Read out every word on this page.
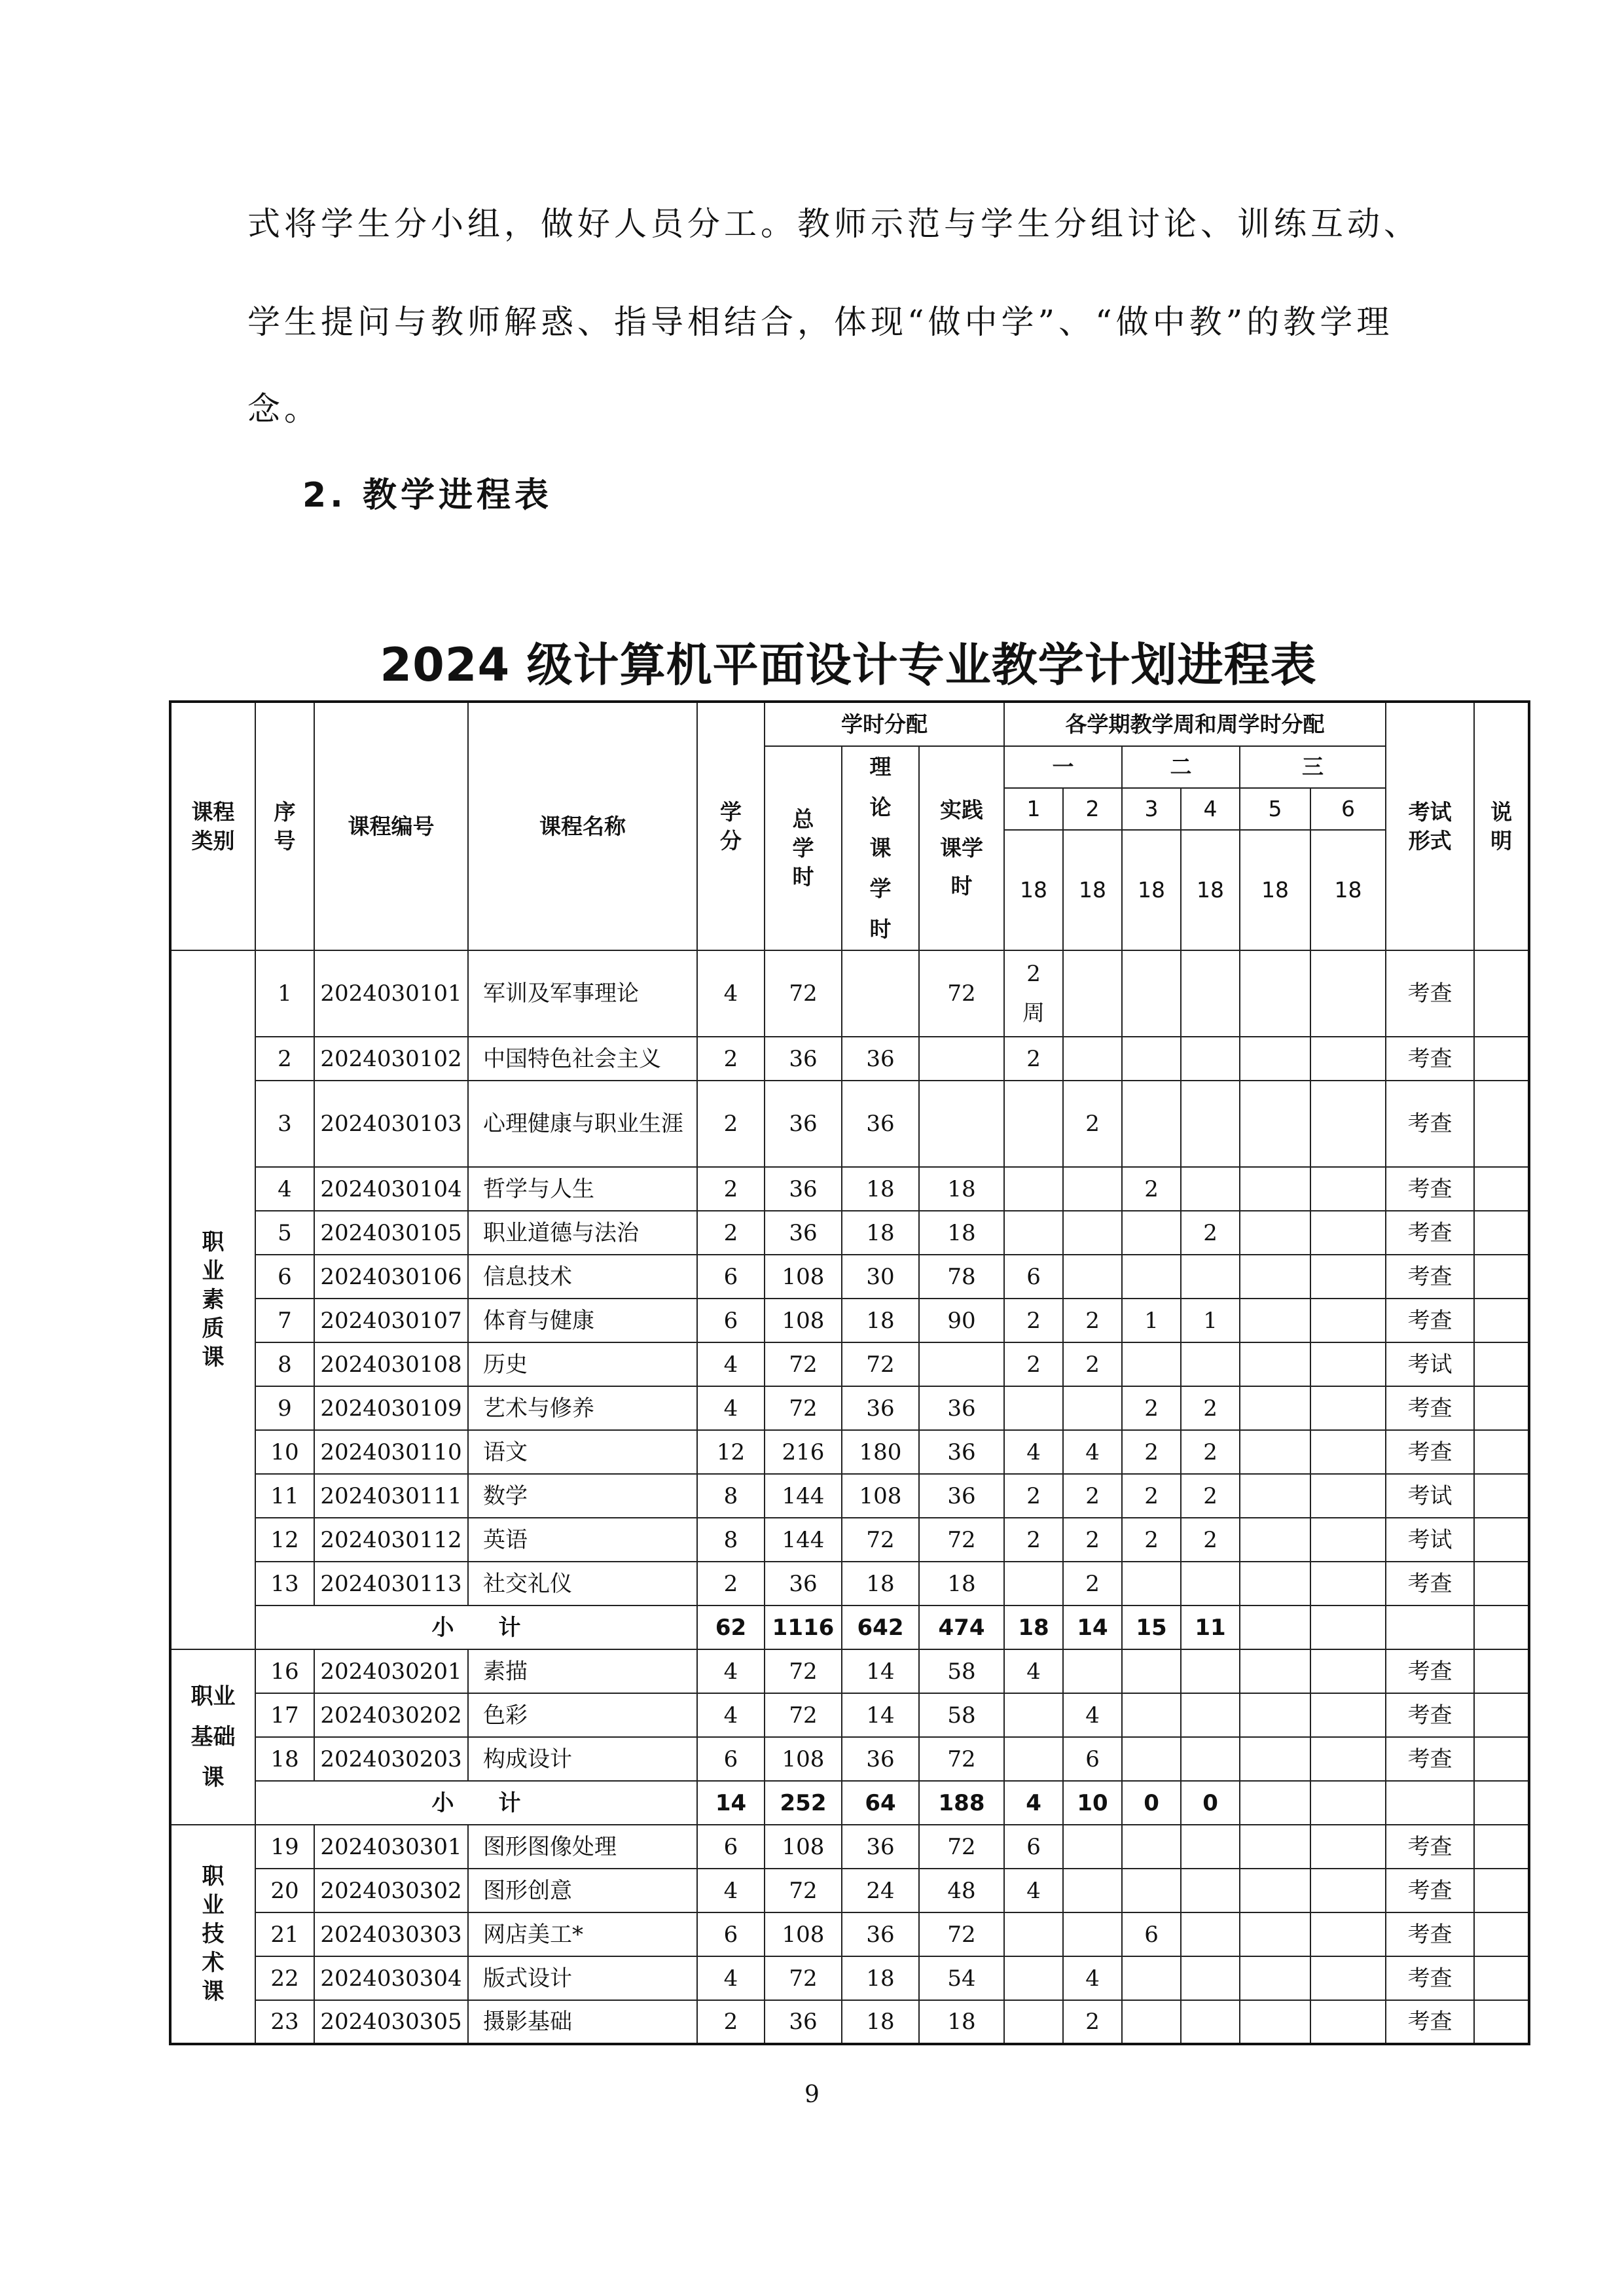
式将学生分小组，做好人员分工。教师示范与学生分组讨论、训练互动、

学生提问与教师解惑、指导相结合，体现“做中学”、“做中教”的教学理

念。

2. 教学进程表

2024 级计算机平面设计专业教学计划进程表
课程类别	序号	课程编号	课程名称	学分	学时分配			各学期教学周和周学时分配						考试形式	说明
					总学时	理论课学时	实践课学时	一		二		三			
								1	2	3	4	5	6		
								18	18	18	18	18	18		

职业素质课	1	2024030101	军训及军事理论	4	72		72	2周						考查	
	2	2024030102	中国特色社会主义	2	36	36		2						考查	
	3	2024030103	心理健康与职业生涯	2	36	36			2					考查	
	4	2024030104	哲学与人生	2	36	18	18			2				考查	
	5	2024030105	职业道德与法治	2	36	18	18				2			考查	
	6	2024030106	信息技术	6	108	30	78	6						考查	
	7	2024030107	体育与健康	6	108	18	90	2	2	1	1			考查	
	8	2024030108	历史	4	72	72		2	2					考试	
	9	2024030109	艺术与修养	4	72	36	36			2	2			考查	
	10	2024030110	语文	12	216	180	36	4	4	2	2			考查	
	11	2024030111	数学	8	144	108	36	2	2	2	2			考试	
	12	2024030112	英语	8	144	72	72	2	2	2	2			考试	
	13	2024030113	社交礼仪	2	36	18	18		2					考查	
	小　　计			62	1116	642	474	18	14	15	11				
职业基础课	16	2024030201	素描	4	72	14	58	4						考查	
	17	2024030202	色彩	4	72	14	58		4					考查	
	18	2024030203	构成设计	6	108	36	72		6					考查	
	小　　计			14	252	64	188	4	10	0	0				
职业技术课	19	2024030301	图形图像处理	6	108	36	72	6						考查	
	20	2024030302	图形创意	4	72	24	48	4						考查	
	21	2024030303	网店美工*	6	108	36	72			6				考查	
	22	2024030304	版式设计	4	72	18	54		4					考查	
	23	2024030305	摄影基础	2	36	18	18		2					考查	
9
